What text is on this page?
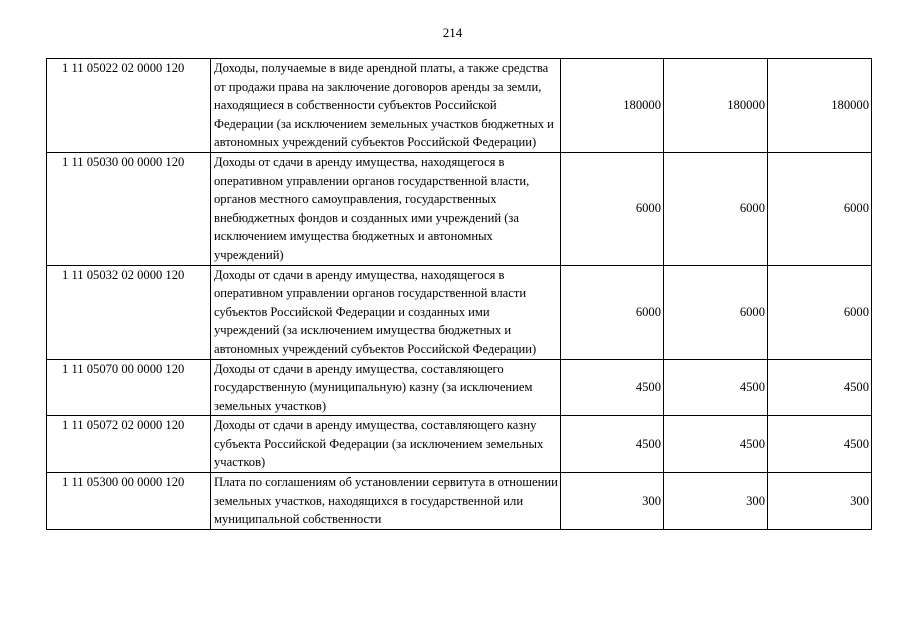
214
1 11 05022 02 0000 120	Доходы, получаемые в виде арендной платы, а также средства от продажи права на заключение договоров аренды за земли, находящиеся в собственности субъектов Российской Федерации (за исключением земельных участков бюджетных и автономных учреждений субъектов Российской Федерации)	180000	180000	180000
1 11 05030 00 0000 120	Доходы от сдачи в аренду имущества, находящегося в оперативном управлении органов государственной власти, органов местного самоуправления, государственных внебюджетных фондов и созданных ими учреждений (за исключением имущества бюджетных и автономных учреждений)	6000	6000	6000
1 11 05032 02 0000 120	Доходы от сдачи в аренду имущества, находящегося в оперативном управлении органов государственной власти субъектов Российской Федерации и созданных ими учреждений (за исключением имущества бюджетных и автономных учреждений субъектов Российской Федерации)	6000	6000	6000
1 11 05070 00 0000 120	Доходы от сдачи в аренду имущества, составляющего государственную (муниципальную) казну (за исключением земельных участков)	4500	4500	4500
1 11 05072 02 0000 120	Доходы от сдачи в аренду имущества, составляющего казну субъекта Российской Федерации (за исключением земельных участков)	4500	4500	4500
1 11 05300 00 0000 120	Плата по соглашениям об установлении сервитута в отношении земельных участков, находящихся в государственной или муниципальной собственности	300	300	300
